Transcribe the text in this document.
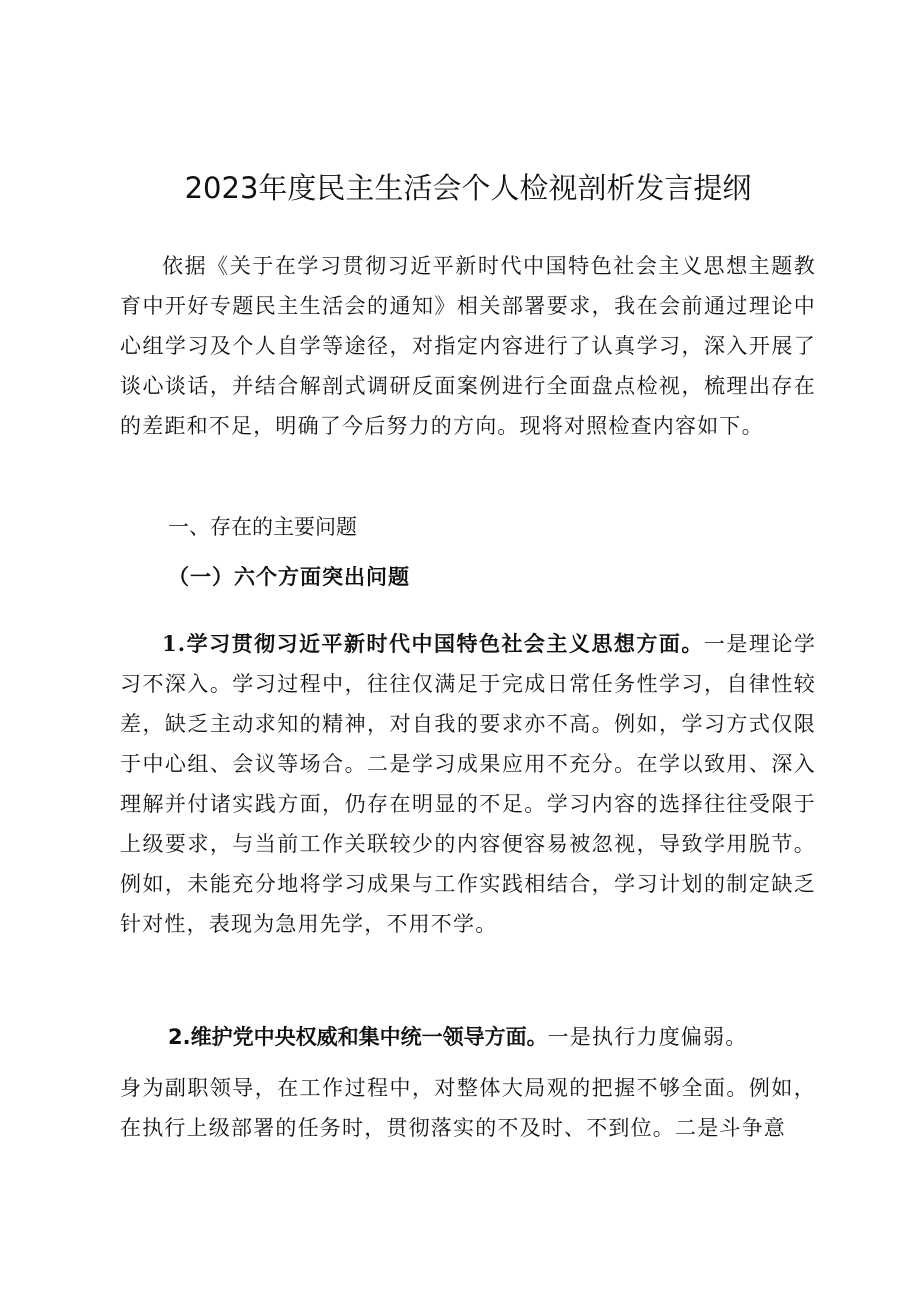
2023年度民主生活会个人检视剖析发言提纲

依据《关于在学习贯彻习近平新时代中国特色社会主义思想主题教育中开好专题民主生活会的通知》相关部署要求，我在会前通过理论中心组学习及个人自学等途径，对指定内容进行了认真学习，深入开展了谈心谈话，并结合解剖式调研反面案例进行全面盘点检视，梳理出存在的差距和不足，明确了今后努力的方向。现将对照检查内容如下。

一、存在的主要问题
（一）六个方面突出问题

1.学习贯彻习近平新时代中国特色社会主义思想方面。一是理论学习不深入。学习过程中，往往仅满足于完成日常任务性学习，自律性较差，缺乏主动求知的精神，对自我的要求亦不高。例如，学习方式仅限于中心组、会议等场合。二是学习成果应用不充分。在学以致用、深入理解并付诸实践方面，仍存在明显的不足。学习内容的选择往往受限于上级要求，与当前工作关联较少的内容便容易被忽视，导致学用脱节。例如，未能充分地将学习成果与工作实践相结合，学习计划的制定缺乏针对性，表现为急用先学，不用不学。

2.维护党中央权威和集中统一领导方面。一是执行力度偏弱。

身为副职领导，在工作过程中，对整体大局观的把握不够全面。例如，在执行上级部署的任务时，贯彻落实的不及时、不到位。二是斗争意
